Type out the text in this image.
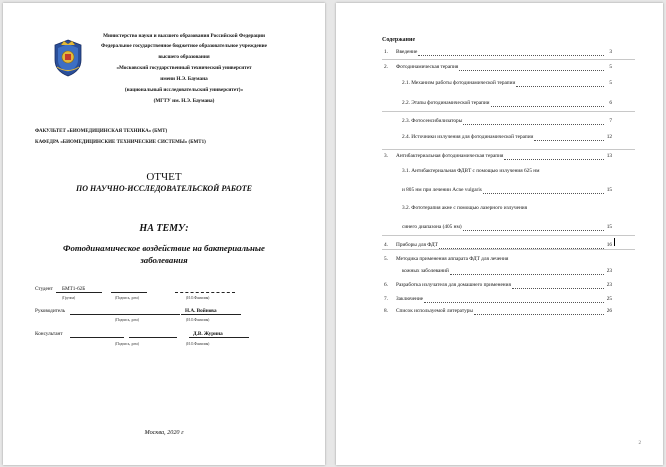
Министерство науки и высшего образования Российской Федерации
Федеральное государственное бюджетное образовательное учреждение
высшего образования
«Московский государственный технический университет
имени Н.Э. Баумана
(национальный исследовательский университет)»
(МГТУ им. Н.Э. Баумана)
ФАКУЛЬТЕТ «БИОМЕДИЦИНСКАЯ ТЕХНИКА» (БМТ)
КАФЕДРА «БИОМЕДИЦИНСКИЕ ТЕХНИЧЕСКИЕ СИСТЕМЫ» (БМТ1)
ОТЧЕТ
ПО НАУЧНО-ИССЛЕДОВАТЕЛЬСКОЙ РАБОТЕ
НА ТЕМУ:
Фотодинамическое воздействие на бактериальные
заболевания
Студент	БМТ1-62Б
(Группа)	(Подпись, дата)	(И.О.Фамилия)
Руководитель	Н.А. Войнова
(Подпись, дата)	(И.О.Фамилия)
Консультант	Д.В. Журина
(Подпись, дата)	(И.О.Фамилия)
Москва, 2020 г
Содержание
1. Введение	3
2. Фотодинамическая терапия	5
2.1. Механизм работы фотодинамической терапии	5
2.2. Этапы фотодинамической терапии	6
2.3. Фотосенсибилизаторы	7
2.4. Источники излучения для фотодинамической терапии	12
3. Антибактериальная фотодинамическая терапия	13
3.1. Антибактериальная ФДВТ с помощью излучения 625 нм
и 805 нм при лечении Acne vulgaris	15
3.2. Фототерапия акне с помощью лазерного излучения
синего диапазона (405 нм)	15
4. Приборы для ФДТ	16
5. Методика применения аппарата ФДТ для лечения
кожных заболеваний	23
6. Разработка излучателя для домашнего применения	23
7. Заключение	25
8. Список используемой литературы	26
2
